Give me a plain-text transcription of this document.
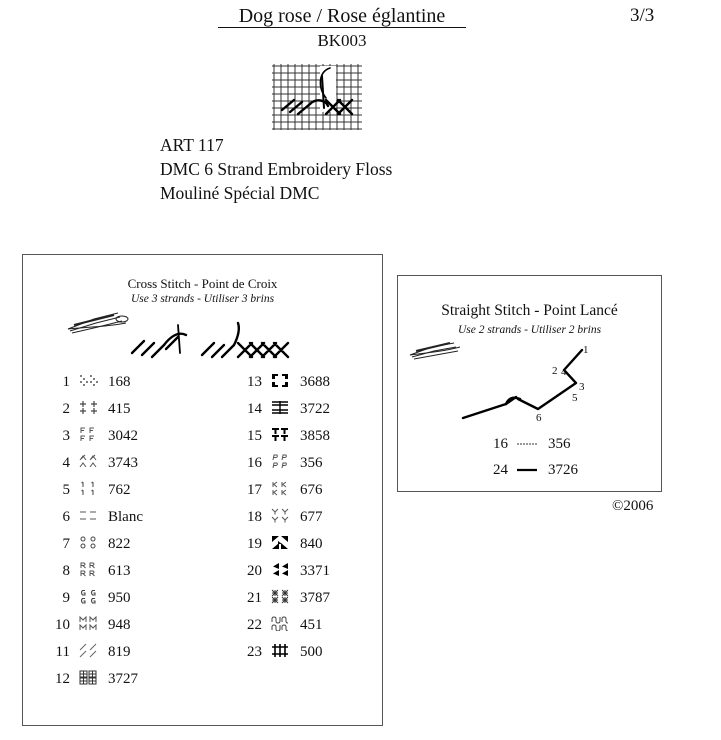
Dog rose / Rose églantine
BK003
3/3
ART 117
DMC 6 Strand Embroidery Floss
Mouliné Spécial DMC
Cross Stitch - Point de Croix
Use 3 strands - Utiliser 3 brins
1	168
2	415
3	3042
4	3743
5	762
6	Blanc
7	822
8	613
9	950
10	948
11	819
12	3727
13	3688
14	3722
15	3858
16	356
17	676
18	677
19	840
20	3371
21	3787
22	451
23	500
Straight Stitch - Point Lancé
Use 2 strands - Utiliser 2 brins
1
2 4
3
5
6
16	356
24	3726
©2006
